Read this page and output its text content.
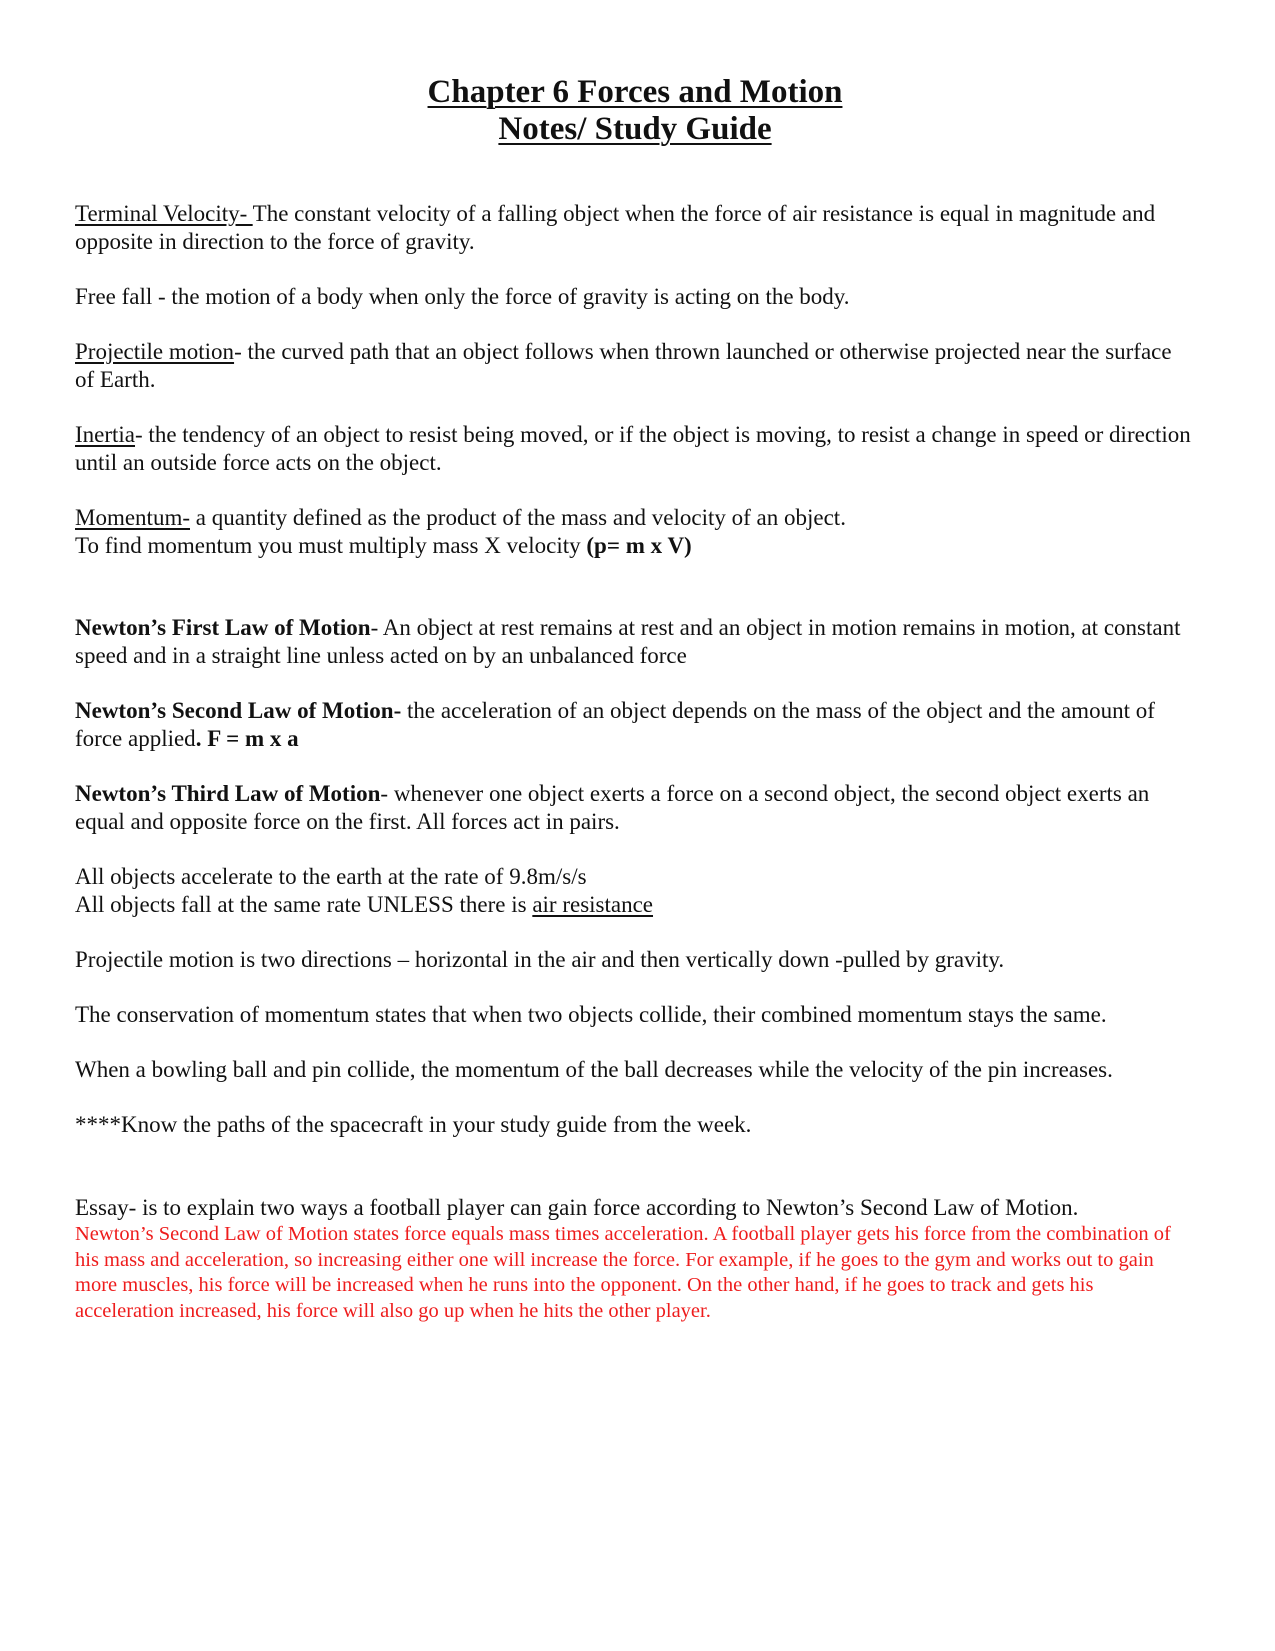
Chapter 6 Forces and Motion
Notes/ Study Guide

Terminal Velocity- The constant velocity of a falling object when the force of air resistance is equal in magnitude and opposite in direction to the force of gravity.

Free fall - the motion of a body when only the force of gravity is acting on the body.

Projectile motion- the curved path that an object follows when thrown launched or otherwise projected near the surface of Earth.

Inertia- the tendency of an object to resist being moved, or if the object is moving, to resist a change in speed or direction until an outside force acts on the object.

Momentum- a quantity defined as the product of the mass and velocity of an object.
To find momentum you must multiply mass X velocity (p= m x V)

Newton’s First Law of Motion- An object at rest remains at rest and an object in motion remains in motion, at constant speed and in a straight line unless acted on by an unbalanced force

Newton’s Second Law of Motion- the acceleration of an object depends on the mass of the object and the amount of force applied. F = m x a

Newton’s Third Law of Motion- whenever one object exerts a force on a second object, the second object exerts an equal and opposite force on the first. All forces act in pairs.

All objects accelerate to the earth at the rate of 9.8m/s/s
All objects fall at the same rate UNLESS there is air resistance

Projectile motion is two directions – horizontal in the air and then vertically down -pulled by gravity.

The conservation of momentum states that when two objects collide, their combined momentum stays the same.

When a bowling ball and pin collide, the momentum of the ball decreases while the velocity of the pin increases.

****Know the paths of the spacecraft in your study guide from the week.

Essay- is to explain two ways a football player can gain force according to Newton’s Second Law of Motion.

Newton’s Second Law of Motion states force equals mass times acceleration. A football player gets his force from the combination of his mass and acceleration, so increasing either one will increase the force. For example, if he goes to the gym and works out to gain more muscles, his force will be increased when he runs into the opponent. On the other hand, if he goes to track and gets his acceleration increased, his force will also go up when he hits the other player.
